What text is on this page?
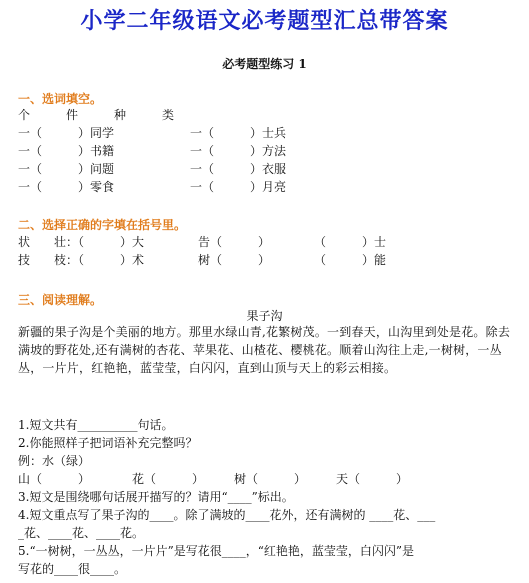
小学二年级语文必考题型汇总带答案
必考题型练习 1
一、选词填空。
个　　　件　　　种　　　类
一（　　　）同学	一（　　　）士兵
一（　　　）书籍	一（　　　）方法
一（　　　）问题	一（　　　）衣服
一（　　　）零食	一（　　　）月亮
二、选择正确的字填在括号里。
状　　壮：（　　　）大	告（　　　）	（　　　）士
技　　枝：（　　　）术	树（　　　）	（　　　）能
三、阅读理解。
果子沟
新疆的果子沟是个美丽的地方。那里水绿山青,花繁树茂。一到春天，山沟里到处是花。除去满坡的野花处,还有满树的杏花、苹果花、山楂花、樱桃花。顺着山沟往上走,一树树，一丛丛，一片片，红艳艳，蓝莹莹，白闪闪，直到山顶与天上的彩云相接。
1.短文共有__________句话。
2.你能照样子把词语补充完整吗？
例：水（绿）
山（　　　）　　　　花（　　　）　　　树（　　　）　　　天（　　　）
3.短文是围绕哪句话展开描写的？请用“____”标出。
4.短文重点写了果子沟的____。除了满坡的____花外，还有满树的 ____花、___
_花、____花、____花。
5.“一树树，一丛丛，一片片”是写花很____，“红艳艳，蓝莹莹，白闪闪”是
写花的____很____。
